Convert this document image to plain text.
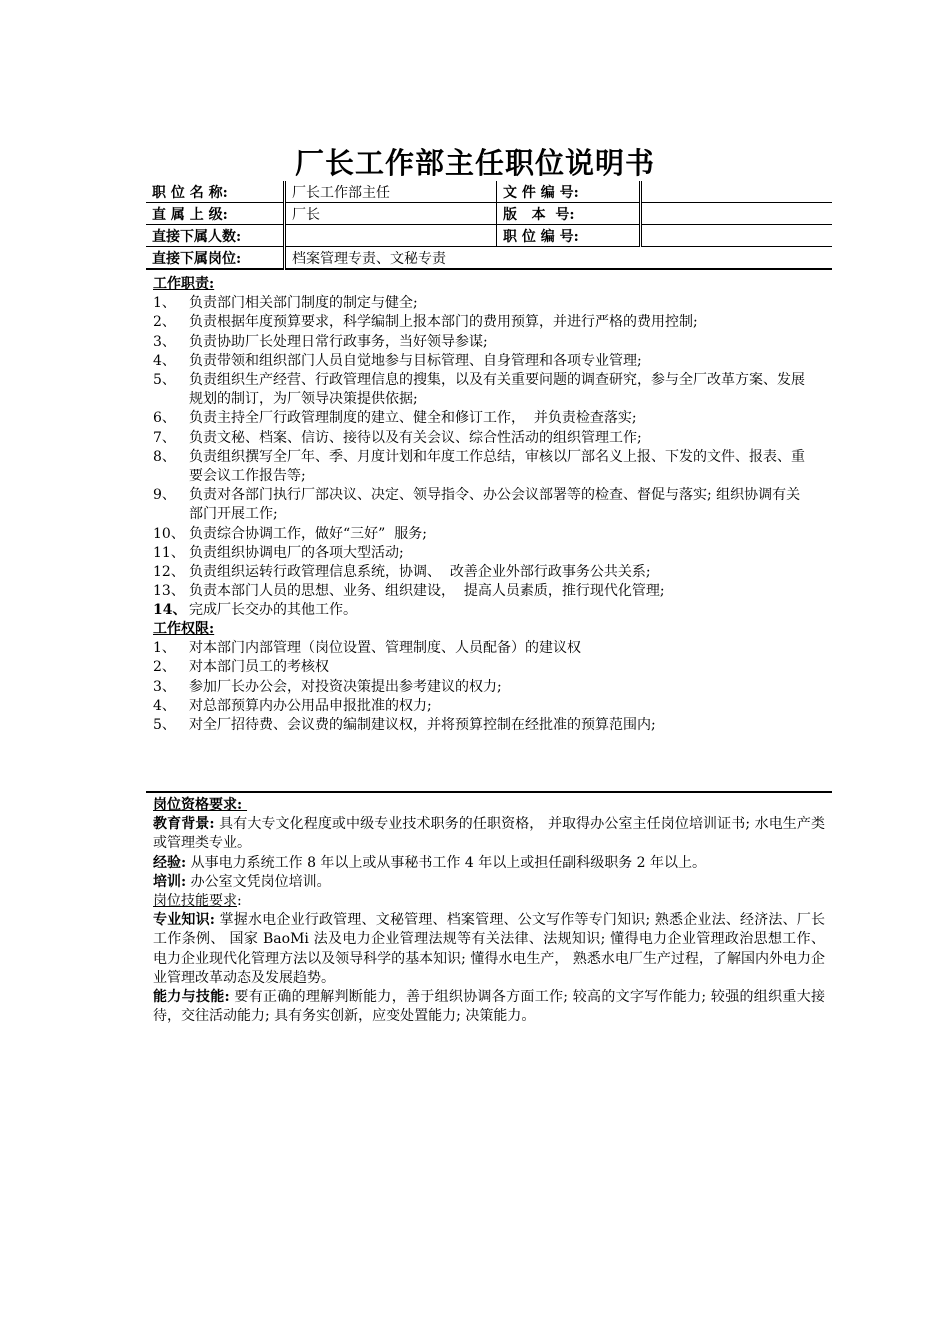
厂长工作部主任职位说明书
职 位 名 称:	厂长工作部主任	文 件 编 号:	
直 属 上 级:	厂长	版   本  号:	
直接下属人数:		职 位 编 号:	
直接下属岗位:	档案管理专责、文秘专责		
工作职责:
1、 负责部门相关部门制度的制定与健全;
2、 负责根据年度预算要求，科学编制上报本部门的费用预算，并进行严格的费用控制;
3、 负责协助厂长处理日常行政事务，当好领导参谋;
4、 负责带领和组织部门人员自觉地参与目标管理、自身管理和各项专业管理;
5、 负责组织生产经营、行政管理信息的搜集，以及有关重要问题的调查研究，参与全厂改革方案、发展规划的制订，为厂领导决策提供依据;
6、 负责主持全厂行政管理制度的建立、健全和修订工作，  并负责检查落实;
7、 负责文秘、档案、信访、接待以及有关会议、综合性活动的组织管理工作;
8、 负责组织撰写全厂年、季、月度计划和年度工作总结，审核以厂部名义上报、下发的文件、报表、重要会议工作报告等;
9、 负责对各部门执行厂部决议、决定、领导指令、办公会议部署等的检查、督促与落实; 组织协调有关部门开展工作;
10、 负责综合协调工作，做好“三好”  服务;
11、 负责组织协调电厂的各项大型活动;
12、 负责组织运转行政管理信息系统，协调、  改善企业外部行政事务公共关系;
13、 负责本部门人员的思想、业务、组织建设，  提高人员素质，推行现代化管理;
14、 完成厂长交办的其他工作。
工作权限:
1、 对本部门内部管理（岗位设置、管理制度、人员配备）的建议权
2、 对本部门员工的考核权
3、 参加厂长办公会，对投资决策提出参考建议的权力;
4、 对总部预算内办公用品申报批准的权力;
5、 对全厂招待费、会议费的编制建议权，并将预算控制在经批准的预算范围内;

岗位资格要求:

教育背景: 具有大专文化程度或中级专业技术职务的任职资格， 并取得办公室主任岗位培训证书; 水电生产类或管理类专业。

经验: 从事电力系统工作 8 年以上或从事秘书工作 4 年以上或担任副科级职务 2 年以上。

培训: 办公室文凭岗位培训。

岗位技能要求:

专业知识: 掌握水电企业行政管理、文秘管理、档案管理、公文写作等专门知识; 熟悉企业法、经济法、厂长工作条例、 国家 BaoMi 法及电力企业管理法规等有关法律、法规知识; 懂得电力企业管理政治思想工作、 电力企业现代化管理方法以及领导科学的基本知识; 懂得水电生产， 熟悉水电厂生产过程，了解国内外电力企业管理改革动态及发展趋势。

能力与技能: 要有正确的理解判断能力，善于组织协调各方面工作; 较高的文字写作能力; 较强的组织重大接待，交往活动能力; 具有务实创新，应变处置能力; 决策能力。
